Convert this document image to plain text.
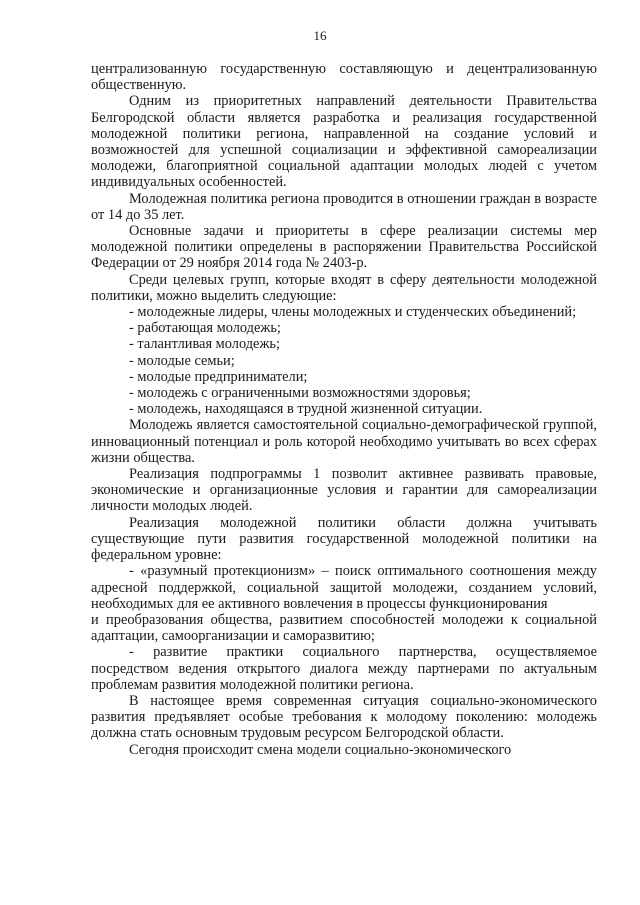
16

централизованную государственную составляющую и децентрализованную общественную.

Одним из приоритетных направлений деятельности Правительства Белгородской области является разработка и реализация государственной молодежной политики региона, направленной на создание условий и возможностей для успешной социализации и эффективной самореализации молодежи, благоприятной социальной адаптации молодых людей с учетом индивидуальных особенностей.

Молодежная политика региона проводится в отношении граждан в возрасте от 14 до 35 лет.

Основные задачи и приоритеты в сфере реализации системы мер молодежной политики определены в распоряжении Правительства Российской Федерации от 29 ноября 2014 года № 2403-р.

Среди целевых групп, которые входят в сферу деятельности молодежной политики, можно выделить следующие:

- молодежные лидеры, члены молодежных и студенческих объединений;
- работающая молодежь;
- талантливая молодежь;
- молодые семьи;
- молодые предприниматели;
- молодежь с ограниченными возможностями здоровья;
- молодежь, находящаяся в трудной жизненной ситуации.

Молодежь является самостоятельной социально-демографической группой, инновационный потенциал и роль которой необходимо учитывать во всех сферах жизни общества.

Реализация подпрограммы 1 позволит активнее развивать правовые, экономические и организационные условия и гарантии для самореализации личности молодых людей.

Реализация молодежной политики области должна учитывать существующие пути развития государственной молодежной политики на федеральном уровне:

- «разумный протекционизм» – поиск оптимального соотношения между адресной поддержкой, социальной защитой молодежи, созданием условий, необходимых для ее активного вовлечения в процессы функционирования

и преобразования общества, развитием способностей молодежи к социальной адаптации, самоорганизации и саморазвитию;

- развитие практики социального партнерства, осуществляемое посредством ведения открытого диалога между партнерами по актуальным проблемам развития молодежной политики региона.

В настоящее время современная ситуация социально-экономического развития предъявляет особые требования к молодому поколению: молодежь должна стать основным трудовым ресурсом Белгородской области.

Сегодня происходит смена модели социально-экономического
